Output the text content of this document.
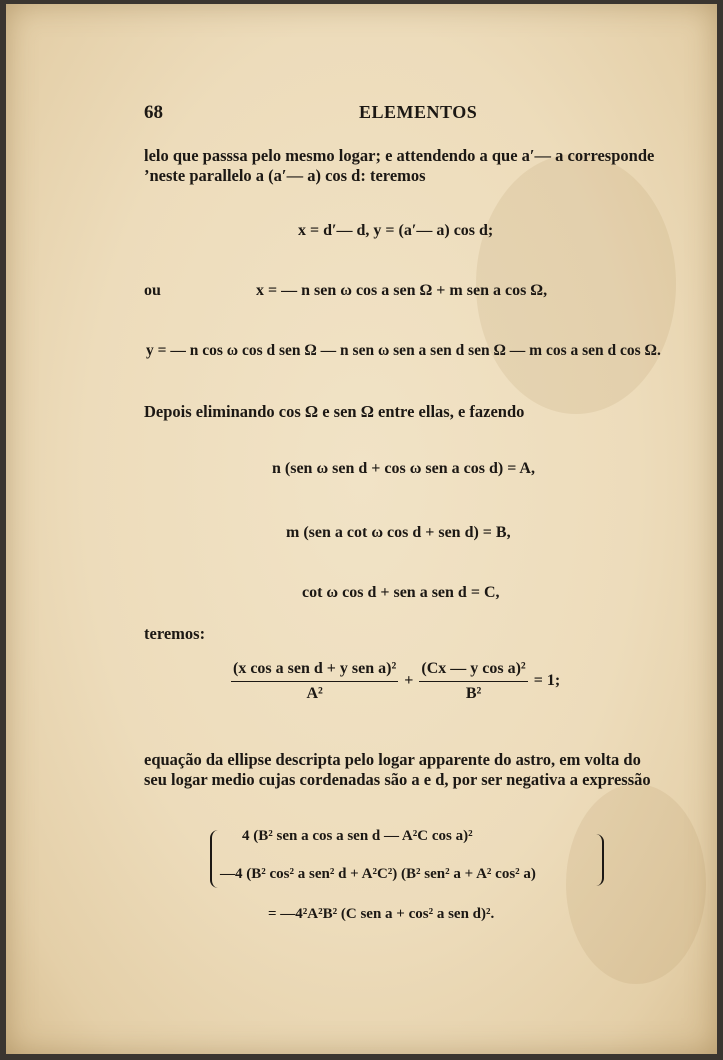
68	ELEMENTOS
lelo que passsa pelo mesmo logar; e attendendo a que a′— a corresponde
’neste parallelo a (a′— a) cos d: teremos
x = d′— d, y = (a′— a) cos d;
ou	x = — n sen ω cos a sen Ω + m sen a cos Ω,
y = — n cos ω cos d sen Ω — n sen ω sen a sen d sen Ω — m cos a sen d cos Ω.
Depois eliminando cos Ω e sen Ω entre ellas, e fazendo
n (sen ω sen d + cos ω sen a cos d) = A,
m (sen a cot ω cos d + sen d) = B,
cot ω cos d + sen a sen d = C,
teremos:
$\frac{\text{(x cos a sen d + y sen a)²}}{\text{A²}} + \frac{\text{(Cx — y cos a)²}}{\text{B²}} = 1$;
equação da ellipse descripta pelo logar apparente do astro, em volta do
seu logar medio cujas cordenadas são a e d, por ser negativa a expressão
4 (B² sen a cos a sen d — A²C cos a)²
—4 (B² cos² a sen² d + A²C²) (B² sen² a + A² cos² a)
= —4²A²B² (C sen a + cos² a sen d)².
